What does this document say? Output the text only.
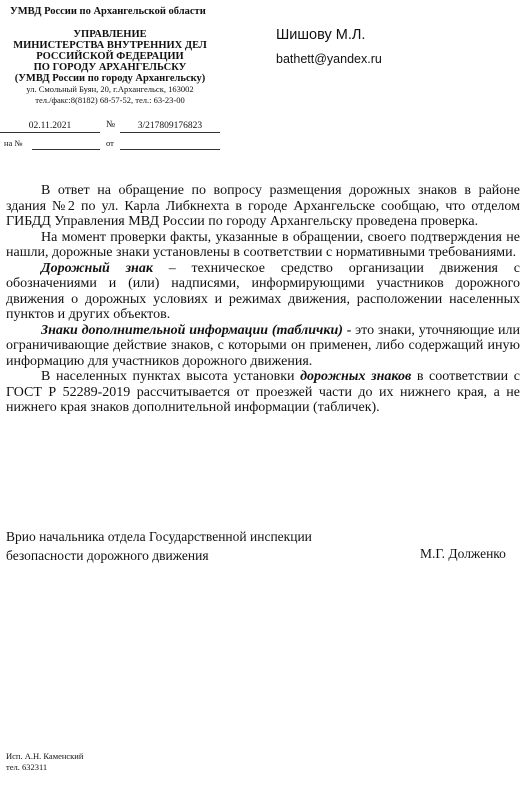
УМВД России по Архангельской области
УПРАВЛЕНИЕ
МИНИСТЕРСТВА ВНУТРЕННИХ ДЕЛ
РОССИЙСКОЙ ФЕДЕРАЦИИ
ПО ГОРОДУ АРХАНГЕЛЬСКУ
(УМВД России по городу Архангельску)
ул. Смольный Буян, 20, г.Архангельск, 163002
тел./факс:8(8182) 68-57-52, тел.: 63-23-00
02.11.2021	№	3/217809176823
на №	от
Шишову М.Л.
bathett@yandex.ru

В ответ на обращение по вопросу размещения дорожных знаков в районе здания №2 по ул. Карла Либкнехта в городе Архангельске сообщаю, что отделом ГИБДД Управления МВД России по городу Архангельску проведена проверка.

На момент проверки факты, указанные в обращении, своего подтверждения не нашли, дорожные знаки установлены в соответствии с нормативными требованиями.

Дорожный знак – техническое средство организации движения с обозначениями и (или) надписями, информирующими участников дорожного движения о дорожных условиях и режимах движения, расположении населенных пунктов и других объектов.

Знаки дополнительной информации (таблички) - это знаки, уточняющие или ограничивающие действие знаков, с которыми он применен, либо содержащий иную информацию для участников дорожного движения.

В населенных пунктах высота установки дорожных знаков в соответствии с ГОСТ Р 52289-2019 рассчитывается от проезжей части до их нижнего края, а не нижнего края знаков дополнительной информации (табличек).

Врио начальника отдела Государственной инспекции
безопасности дорожного движения	М.Г. Долженко
Исп. А.Н. Каменский
тел. 632311
